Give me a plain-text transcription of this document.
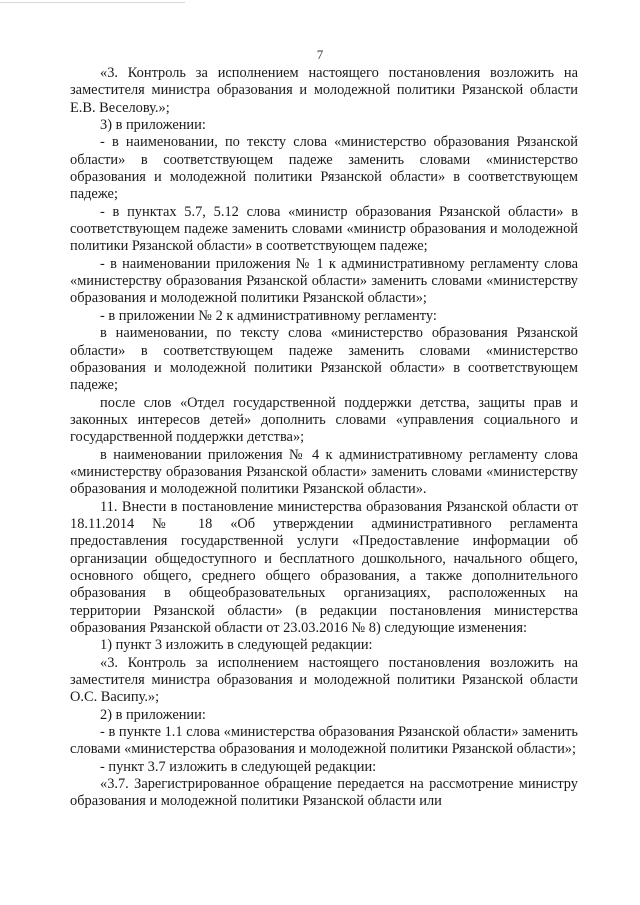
7

«3. Контроль за исполнением настоящего постановления возложить на заместителя министра образования и молодежной политики Рязанской области Е.В. Веселову.»;

3) в приложении:

- в наименовании, по тексту слова «министерство образования Рязанской области» в соответствующем падеже заменить словами «министерство образования и молодежной политики Рязанской области» в соответствующем падеже;

- в пунктах 5.7, 5.12 слова «министр образования Рязанской области» в соответствующем падеже заменить словами «министр образования и молодежной политики Рязанской области» в соответствующем падеже;

- в наименовании приложения № 1 к административному регламенту слова «министерству образования Рязанской области» заменить словами «министерству образования и молодежной политики Рязанской области»;

- в приложении № 2 к административному регламенту:

в наименовании, по тексту слова «министерство образования Рязанской области» в соответствующем падеже заменить словами «министерство образования и молодежной политики Рязанской области» в соответствующем падеже;

после слов «Отдел государственной поддержки детства, защиты прав и законных интересов детей» дополнить словами «управления социального и государственной поддержки детства»;

в наименовании приложения № 4 к административному регламенту слова «министерству образования Рязанской области» заменить словами «министерству образования и молодежной политики Рязанской области».

11. Внести в постановление министерства образования Рязанской области от 18.11.2014 № 18 «Об утверждении административного регламента предоставления государственной услуги «Предоставление информации об организации общедоступного и бесплатного дошкольного, начального общего, основного общего, среднего общего образования, а также дополнительного образования в общеобразовательных организациях, расположенных на территории Рязанской области» (в редакции постановления министерства образования Рязанской области от 23.03.2016 № 8) следующие изменения:

1) пункт 3 изложить в следующей редакции:

«3. Контроль за исполнением настоящего постановления возложить на заместителя министра образования и молодежной политики Рязанской области О.С. Васипу.»;

2) в приложении:

- в пункте 1.1 слова «министерства образования Рязанской области» заменить словами «министерства образования и молодежной политики Рязанской области»;

- пункт 3.7 изложить в следующей редакции:

«3.7. Зарегистрированное обращение передается на рассмотрение министру образования и молодежной политики Рязанской области или
